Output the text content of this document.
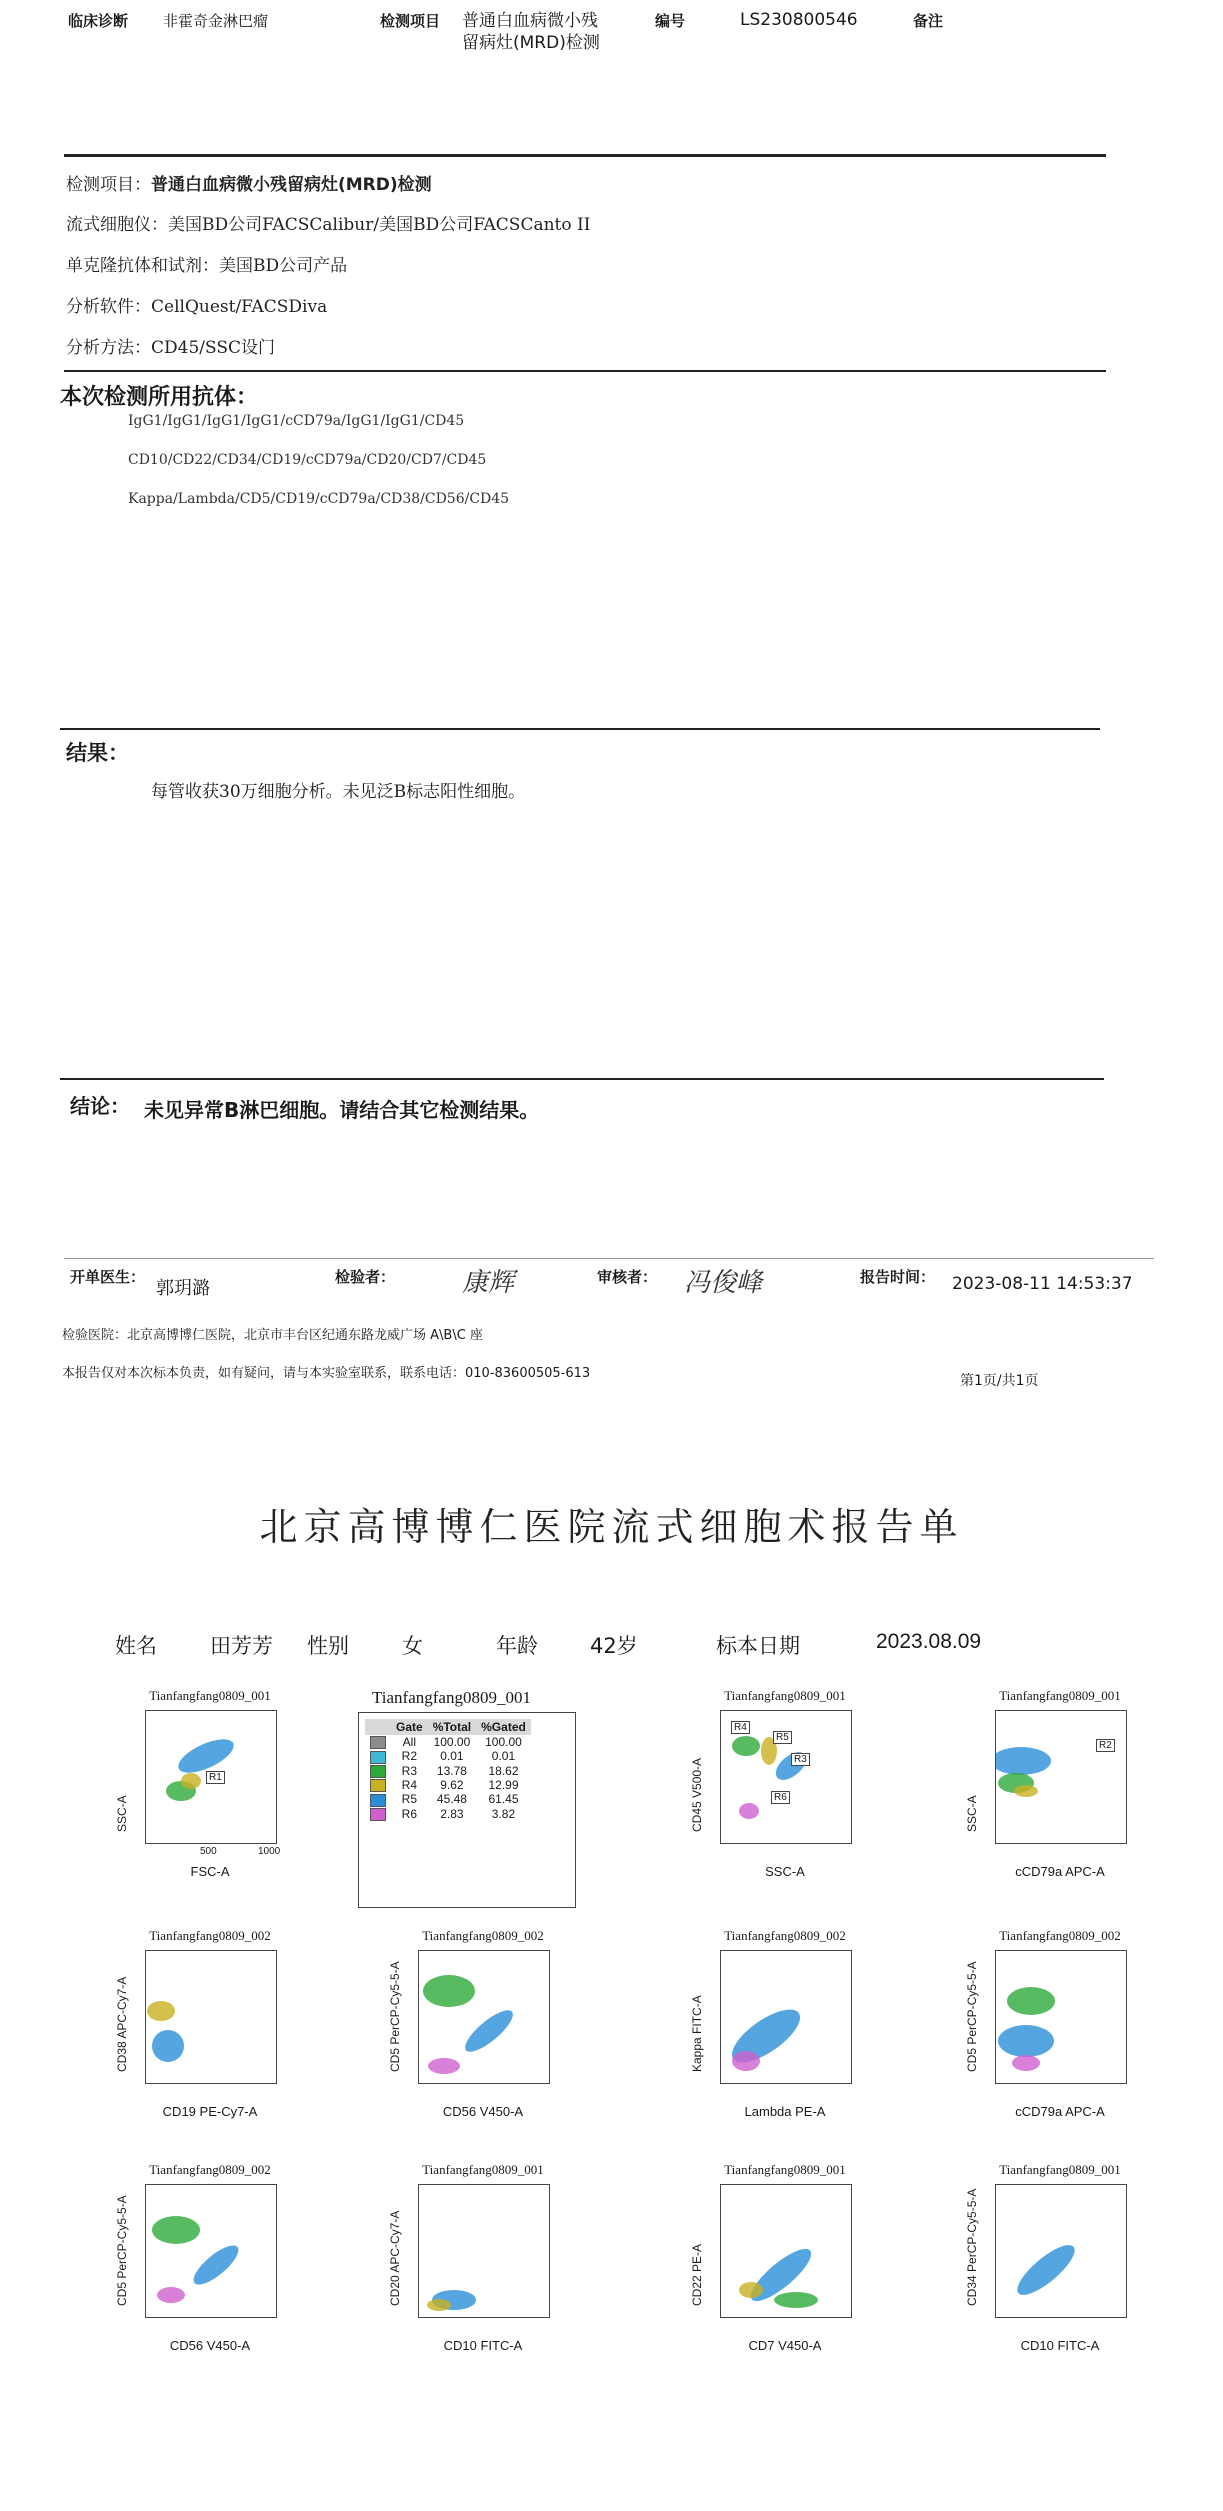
临床诊断 非霍奇金淋巴瘤	检测项目 普通白血病微小残
留病灶(MRD)检测
编号	LS230800546	备注
检测项目：普通白血病微小残留病灶(MRD)检测
流式细胞仪：美国BD公司FACSCalibur/美国BD公司FACSCanto II
单克隆抗体和试剂：美国BD公司产品
分析软件：CellQuest/FACSDiva
分析方法：CD45/SSC设门
本次检测所用抗体：
IgG1/IgG1/IgG1/IgG1/cCD79a/IgG1/IgG1/CD45
CD10/CD22/CD34/CD19/cCD79a/CD20/CD7/CD45
Kappa/Lambda/CD5/CD19/cCD79a/CD38/CD56/CD45
结果：
每管收获30万细胞分析。未见泛B标志阳性细胞。
结论： 未见异常B淋巴细胞。请结合其它检测结果。
开单医生：
郭玥潞
检验者：	康辉	审核者： 冯俊峰	报告时间： 2023-08-11 14:53:37
检验医院：北京高博博仁医院，北京市丰台区纪通东路龙威广场 A\B\C 座
本报告仅对本次标本负责，如有疑问，请与本实验室联系，联系电话：010-83600505-613	第1页/共1页
北京高博博仁医院流式细胞术报告单
姓名	田芳芳 性别	女	年龄 42岁	标本日期	2023.08.09
Tianfangfang0809_001
	Gate	%Total	%Gated
	All	100.00	100.00
	R2	0.01	0.01
	R3	13.78	18.62
	R4	9.62	12.99
	R5	45.48	61.45
	R6	2.83	3.82
Tianfangfang0809_001
R1
FSC-A
500	1000
SSC-A
Tianfangfang0809_001
R3
R4
R5
R6
SSC-A
CD45 V500-A
Tianfangfang0809_001
R2
cCD79a APC-A
SSC-A
Tianfangfang0809_002
CD19 PE-Cy7-A
CD38 APC-Cy7-A
Tianfangfang0809_002
CD56 V450-A
CD5 PerCP-Cy5-5-A
Tianfangfang0809_002
Lambda PE-A
Kappa FITC-A
Tianfangfang0809_002
cCD79a APC-A
CD5 PerCP-Cy5-5-A
Tianfangfang0809_002
CD56 V450-A
CD5 PerCP-Cy5-5-A
Tianfangfang0809_001
CD10 FITC-A
CD20 APC-Cy7-A
Tianfangfang0809_001
CD7 V450-A
CD22 PE-A
Tianfangfang0809_001
CD10 FITC-A
CD34 PerCP-Cy5-5-A
